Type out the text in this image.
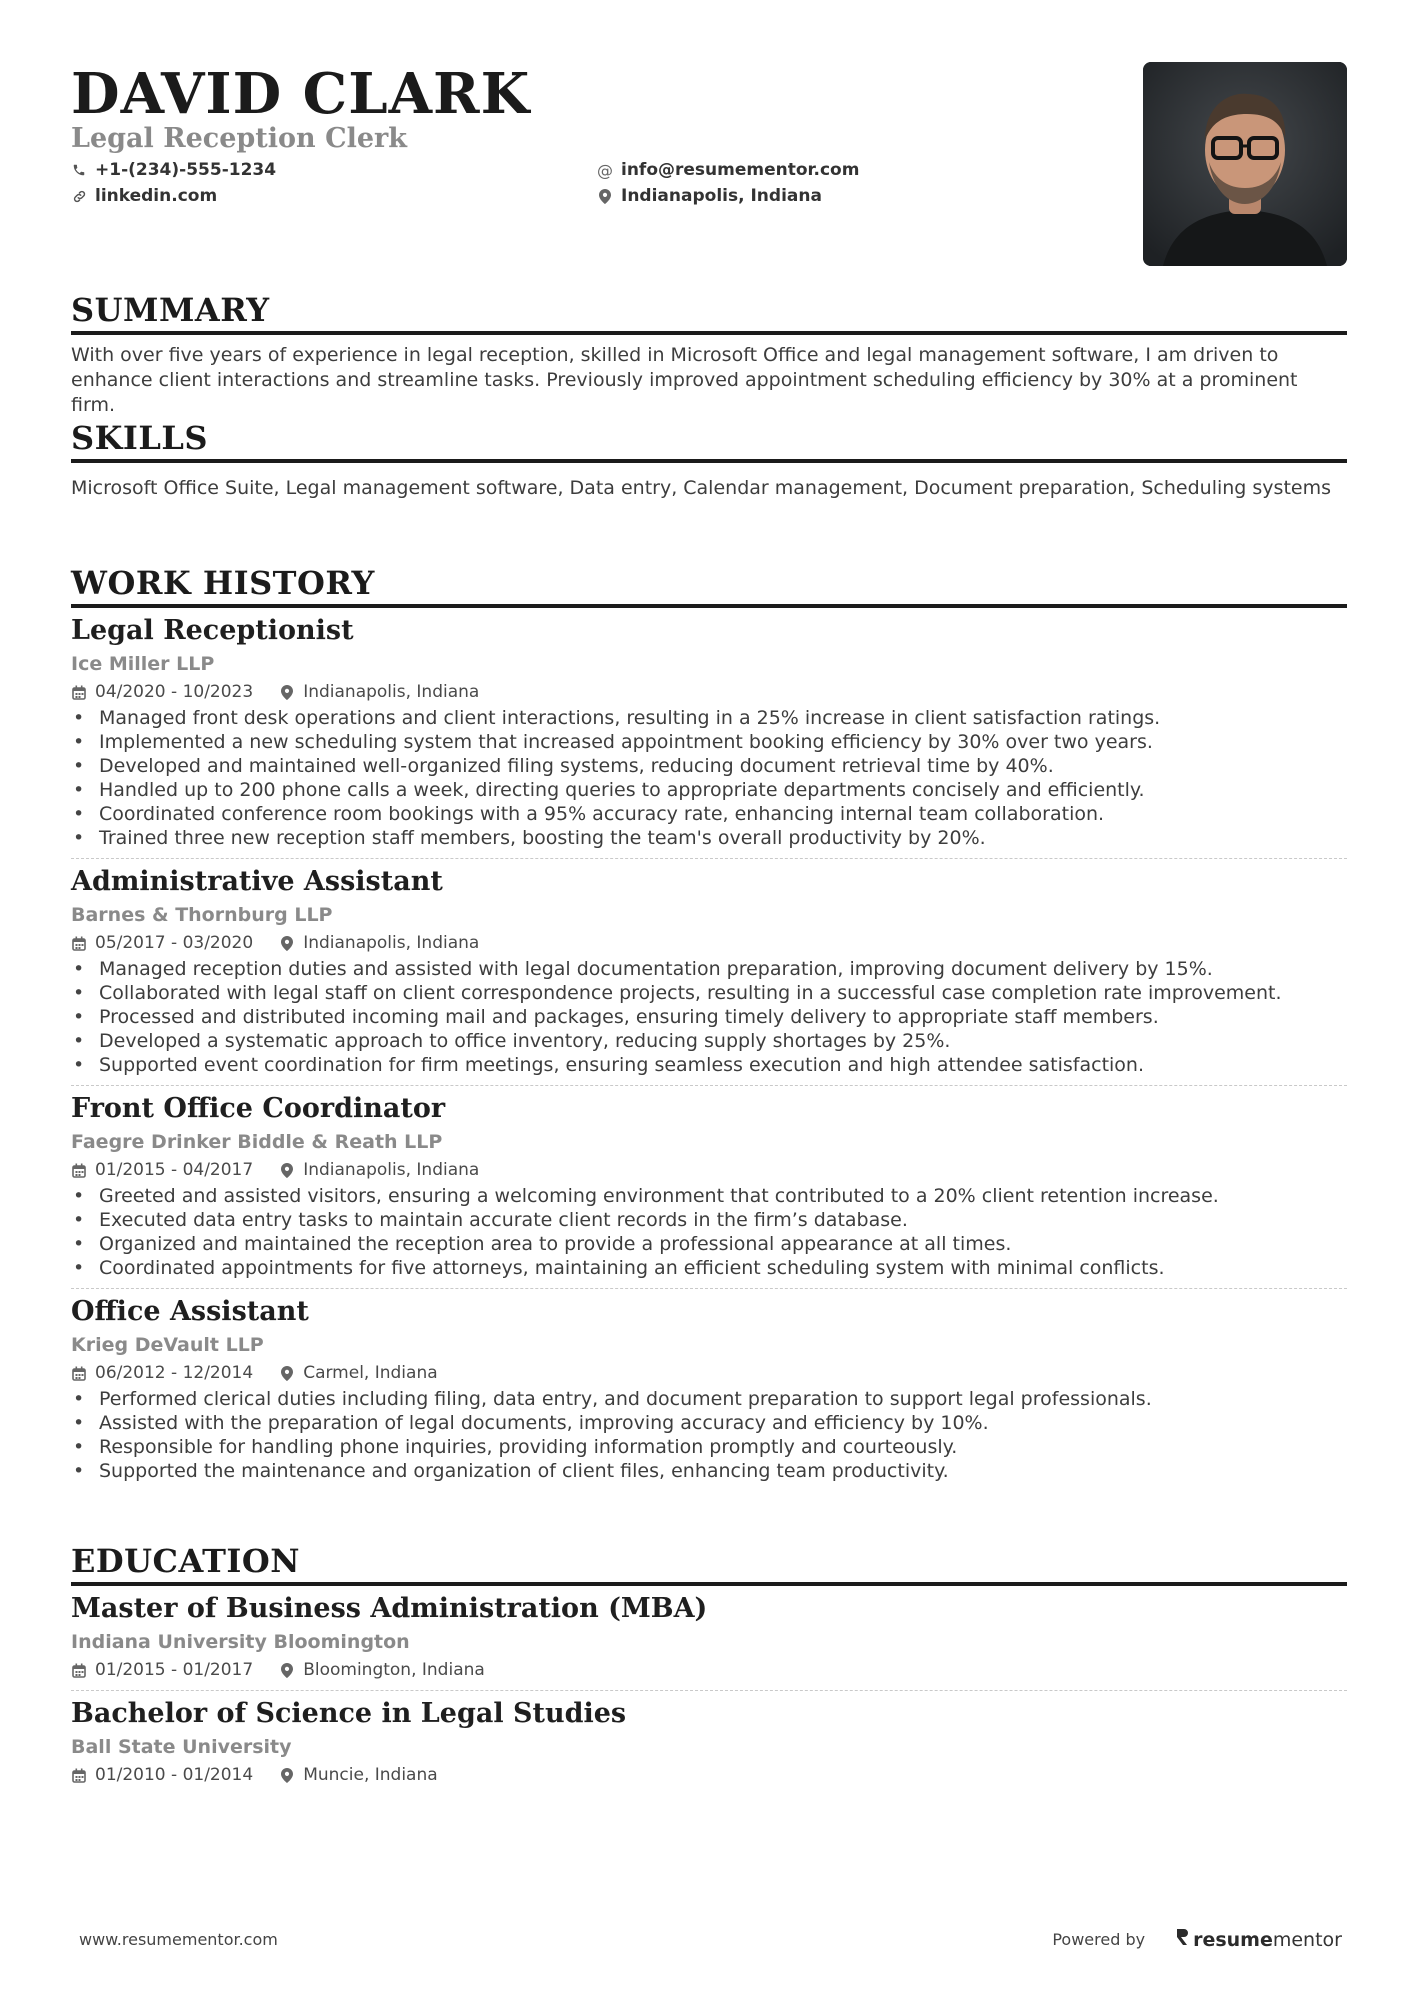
DAVID CLARK
Legal Reception Clerk
+1-(234)-555-1234
linkedin.com
@ info@resumementor.com
Indianapolis, Indiana
SUMMARY
With over five years of experience in legal reception, skilled in Microsoft Office and legal management software, I am driven to enhance client interactions and streamline tasks. Previously improved appointment scheduling efficiency by 30% at a prominent firm.
SKILLS
Microsoft Office Suite, Legal management software, Data entry, Calendar management, Document preparation, Scheduling systems
WORK HISTORY
Legal Receptionist
Ice Miller LLP
04/2020 - 10/2023	Indianapolis, Indiana
• Managed front desk operations and client interactions, resulting in a 25% increase in client satisfaction ratings.
• Implemented a new scheduling system that increased appointment booking efficiency by 30% over two years.
• Developed and maintained well-organized filing systems, reducing document retrieval time by 40%.
• Handled up to 200 phone calls a week, directing queries to appropriate departments concisely and efficiently.
• Coordinated conference room bookings with a 95% accuracy rate, enhancing internal team collaboration.
• Trained three new reception staff members, boosting the team's overall productivity by 20%.
Administrative Assistant
Barnes & Thornburg LLP
05/2017 - 03/2020	Indianapolis, Indiana
• Managed reception duties and assisted with legal documentation preparation, improving document delivery by 15%.
• Collaborated with legal staff on client correspondence projects, resulting in a successful case completion rate improvement.
• Processed and distributed incoming mail and packages, ensuring timely delivery to appropriate staff members.
• Developed a systematic approach to office inventory, reducing supply shortages by 25%.
• Supported event coordination for firm meetings, ensuring seamless execution and high attendee satisfaction.
Front Office Coordinator
Faegre Drinker Biddle & Reath LLP
01/2015 - 04/2017	Indianapolis, Indiana
• Greeted and assisted visitors, ensuring a welcoming environment that contributed to a 20% client retention increase.
• Executed data entry tasks to maintain accurate client records in the firm’s database.
• Organized and maintained the reception area to provide a professional appearance at all times.
• Coordinated appointments for five attorneys, maintaining an efficient scheduling system with minimal conflicts.
Office Assistant
Krieg DeVault LLP
06/2012 - 12/2014	Carmel, Indiana
• Performed clerical duties including filing, data entry, and document preparation to support legal professionals.
• Assisted with the preparation of legal documents, improving accuracy and efficiency by 10%.
• Responsible for handling phone inquiries, providing information promptly and courteously.
• Supported the maintenance and organization of client files, enhancing team productivity.
EDUCATION
Master of Business Administration (MBA)
Indiana University Bloomington
01/2015 - 01/2017	Bloomington, Indiana
Bachelor of Science in Legal Studies
Ball State University
01/2010 - 01/2014	Muncie, Indiana
www.resumementor.com	Powered by	resume mentor
